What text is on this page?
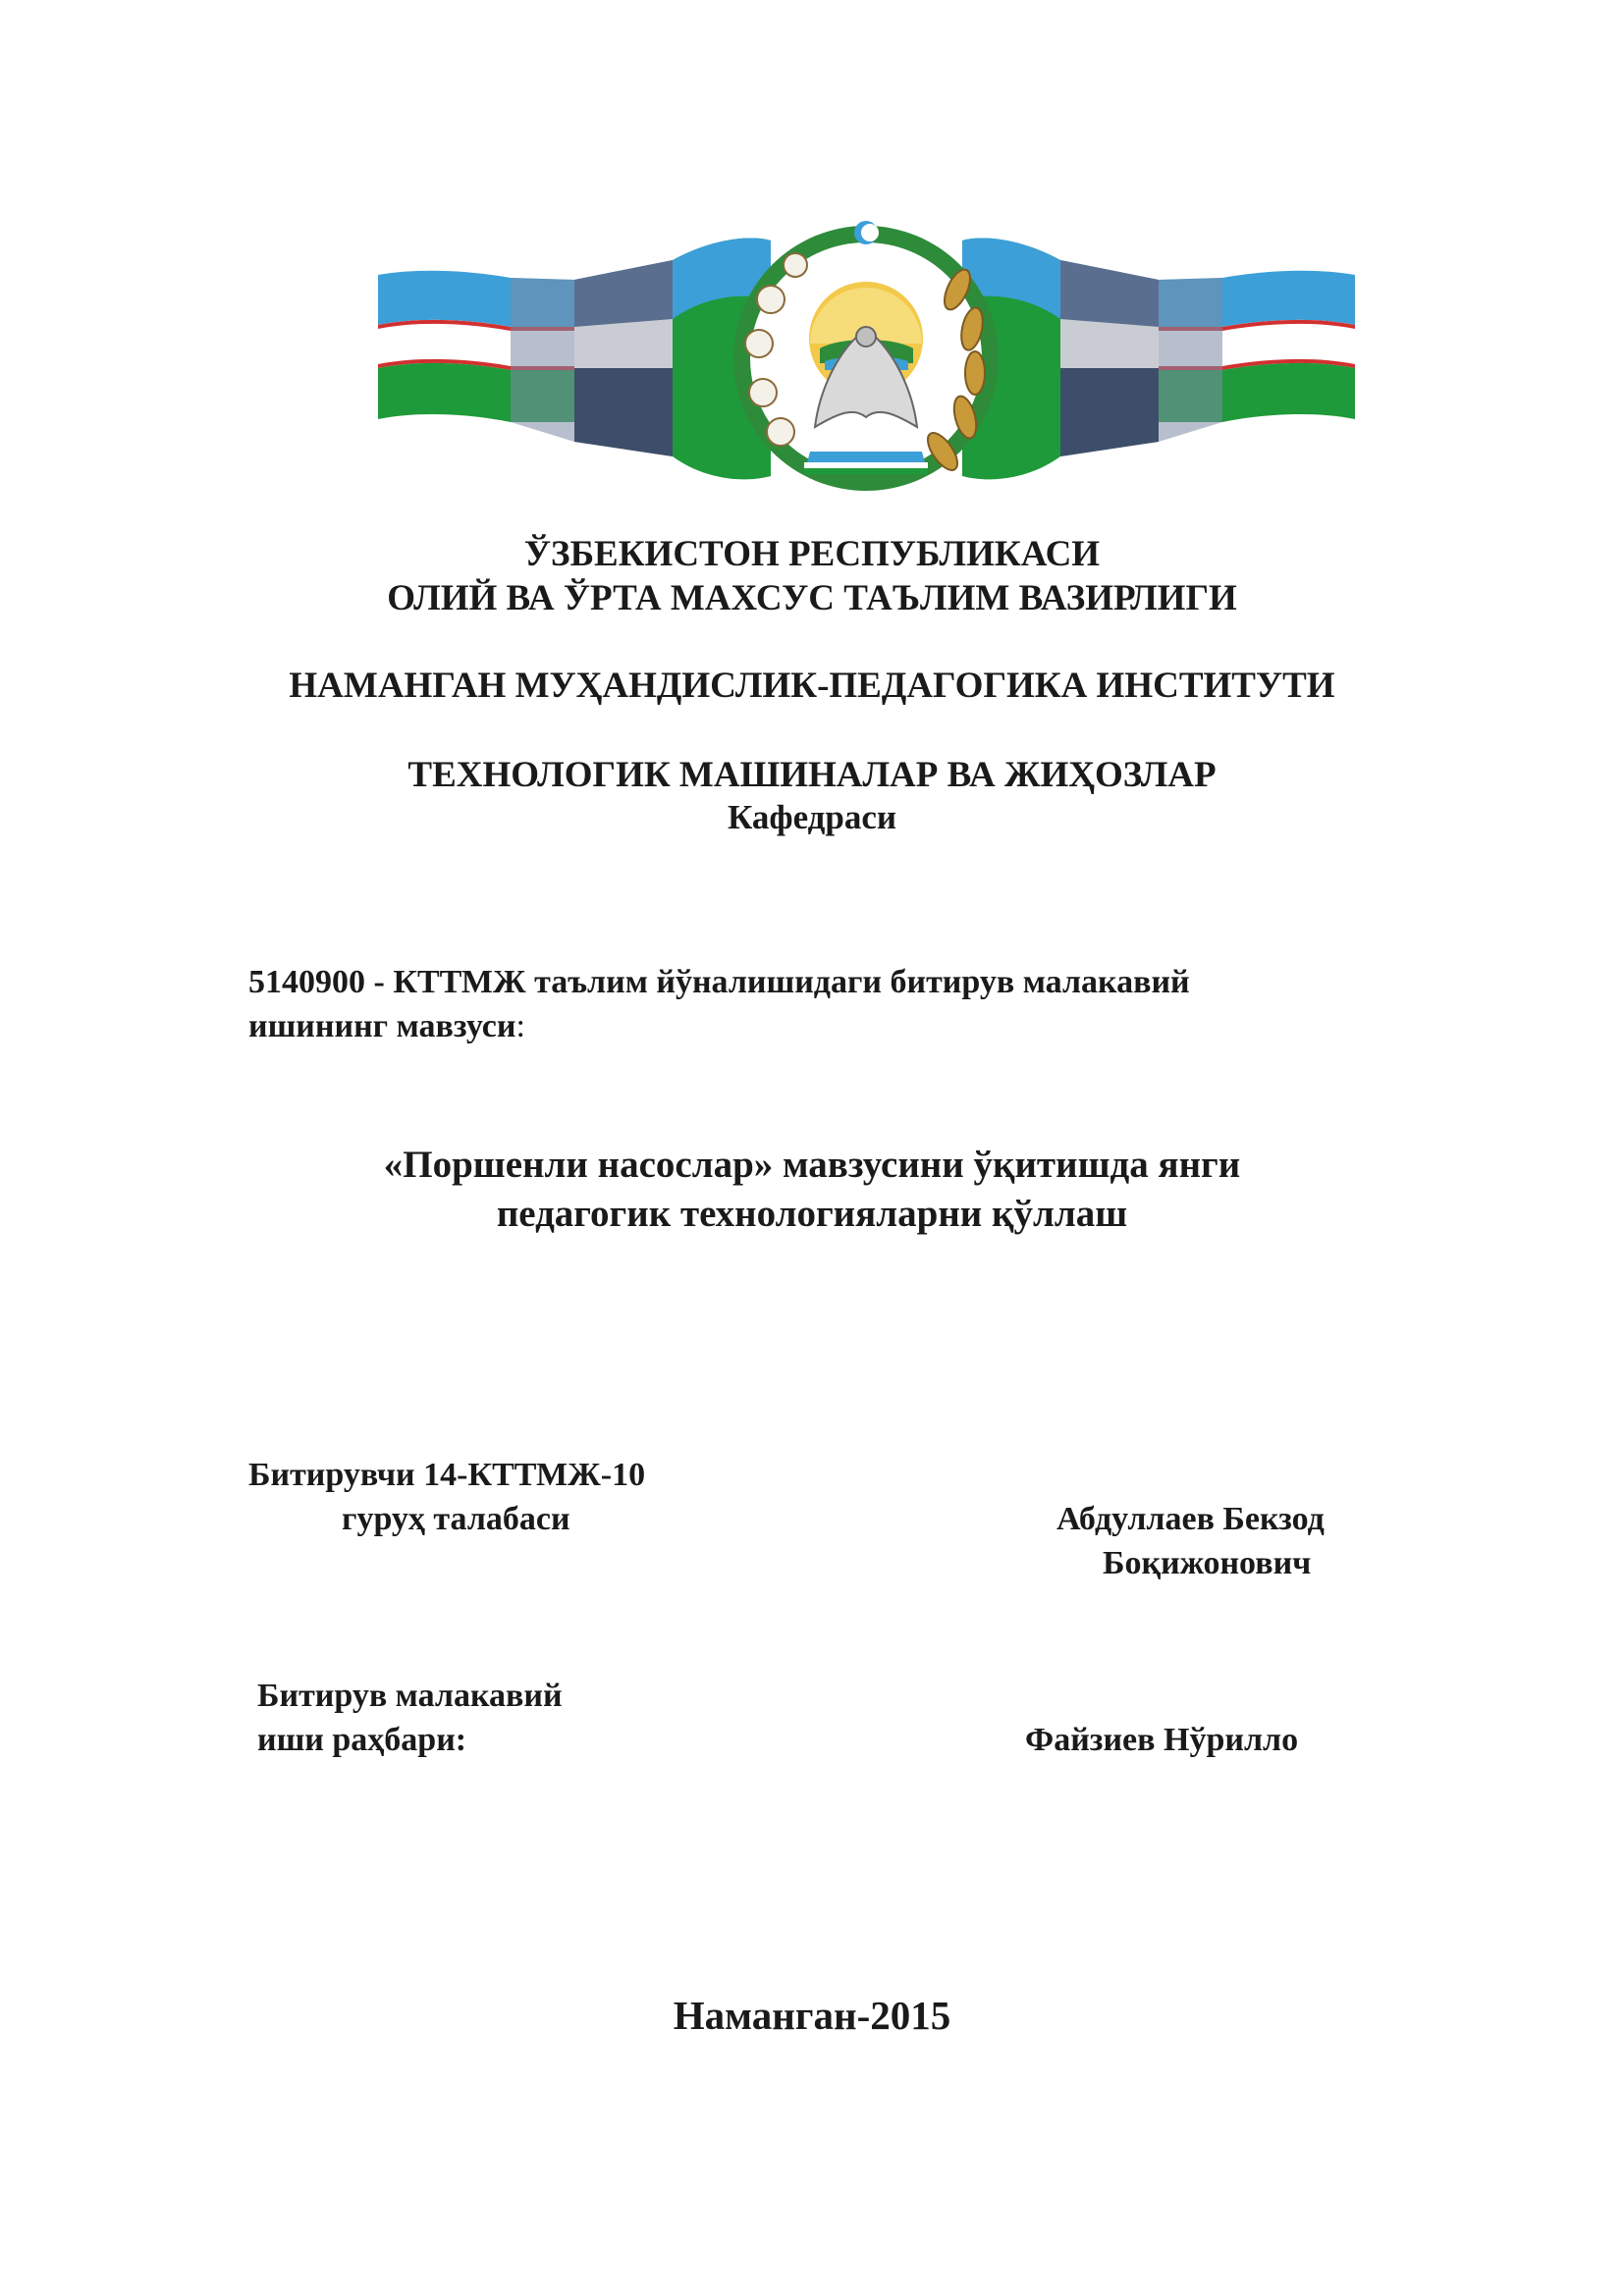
ЎЗБЕКИСТОН РЕСПУБЛИКАСИ
ОЛИЙ ВА ЎРТА МАХСУС ТАЪЛИМ ВАЗИРЛИГИ
НАМАНГАН МУҲАНДИСЛИК-ПЕДАГОГИКА ИНСТИТУТИ
ТЕХНОЛОГИК МАШИНАЛАР ВА ЖИҲОЗЛАР
Кафедраси
5140900 - КТТМЖ таълим йўналишидаги битирув малакавий
ишининг мавзуси:
«Поршенли насослар» мавзусини ўқитишда янги
педагогик технологияларни қўллаш
Битирувчи 14-КТТМЖ-10
гуруҳ талабаси	Абдуллаев Бекзод
Боқижонович
Битирув малакавий
иши раҳбари:	Файзиев Нўрилло
Наманган-2015
